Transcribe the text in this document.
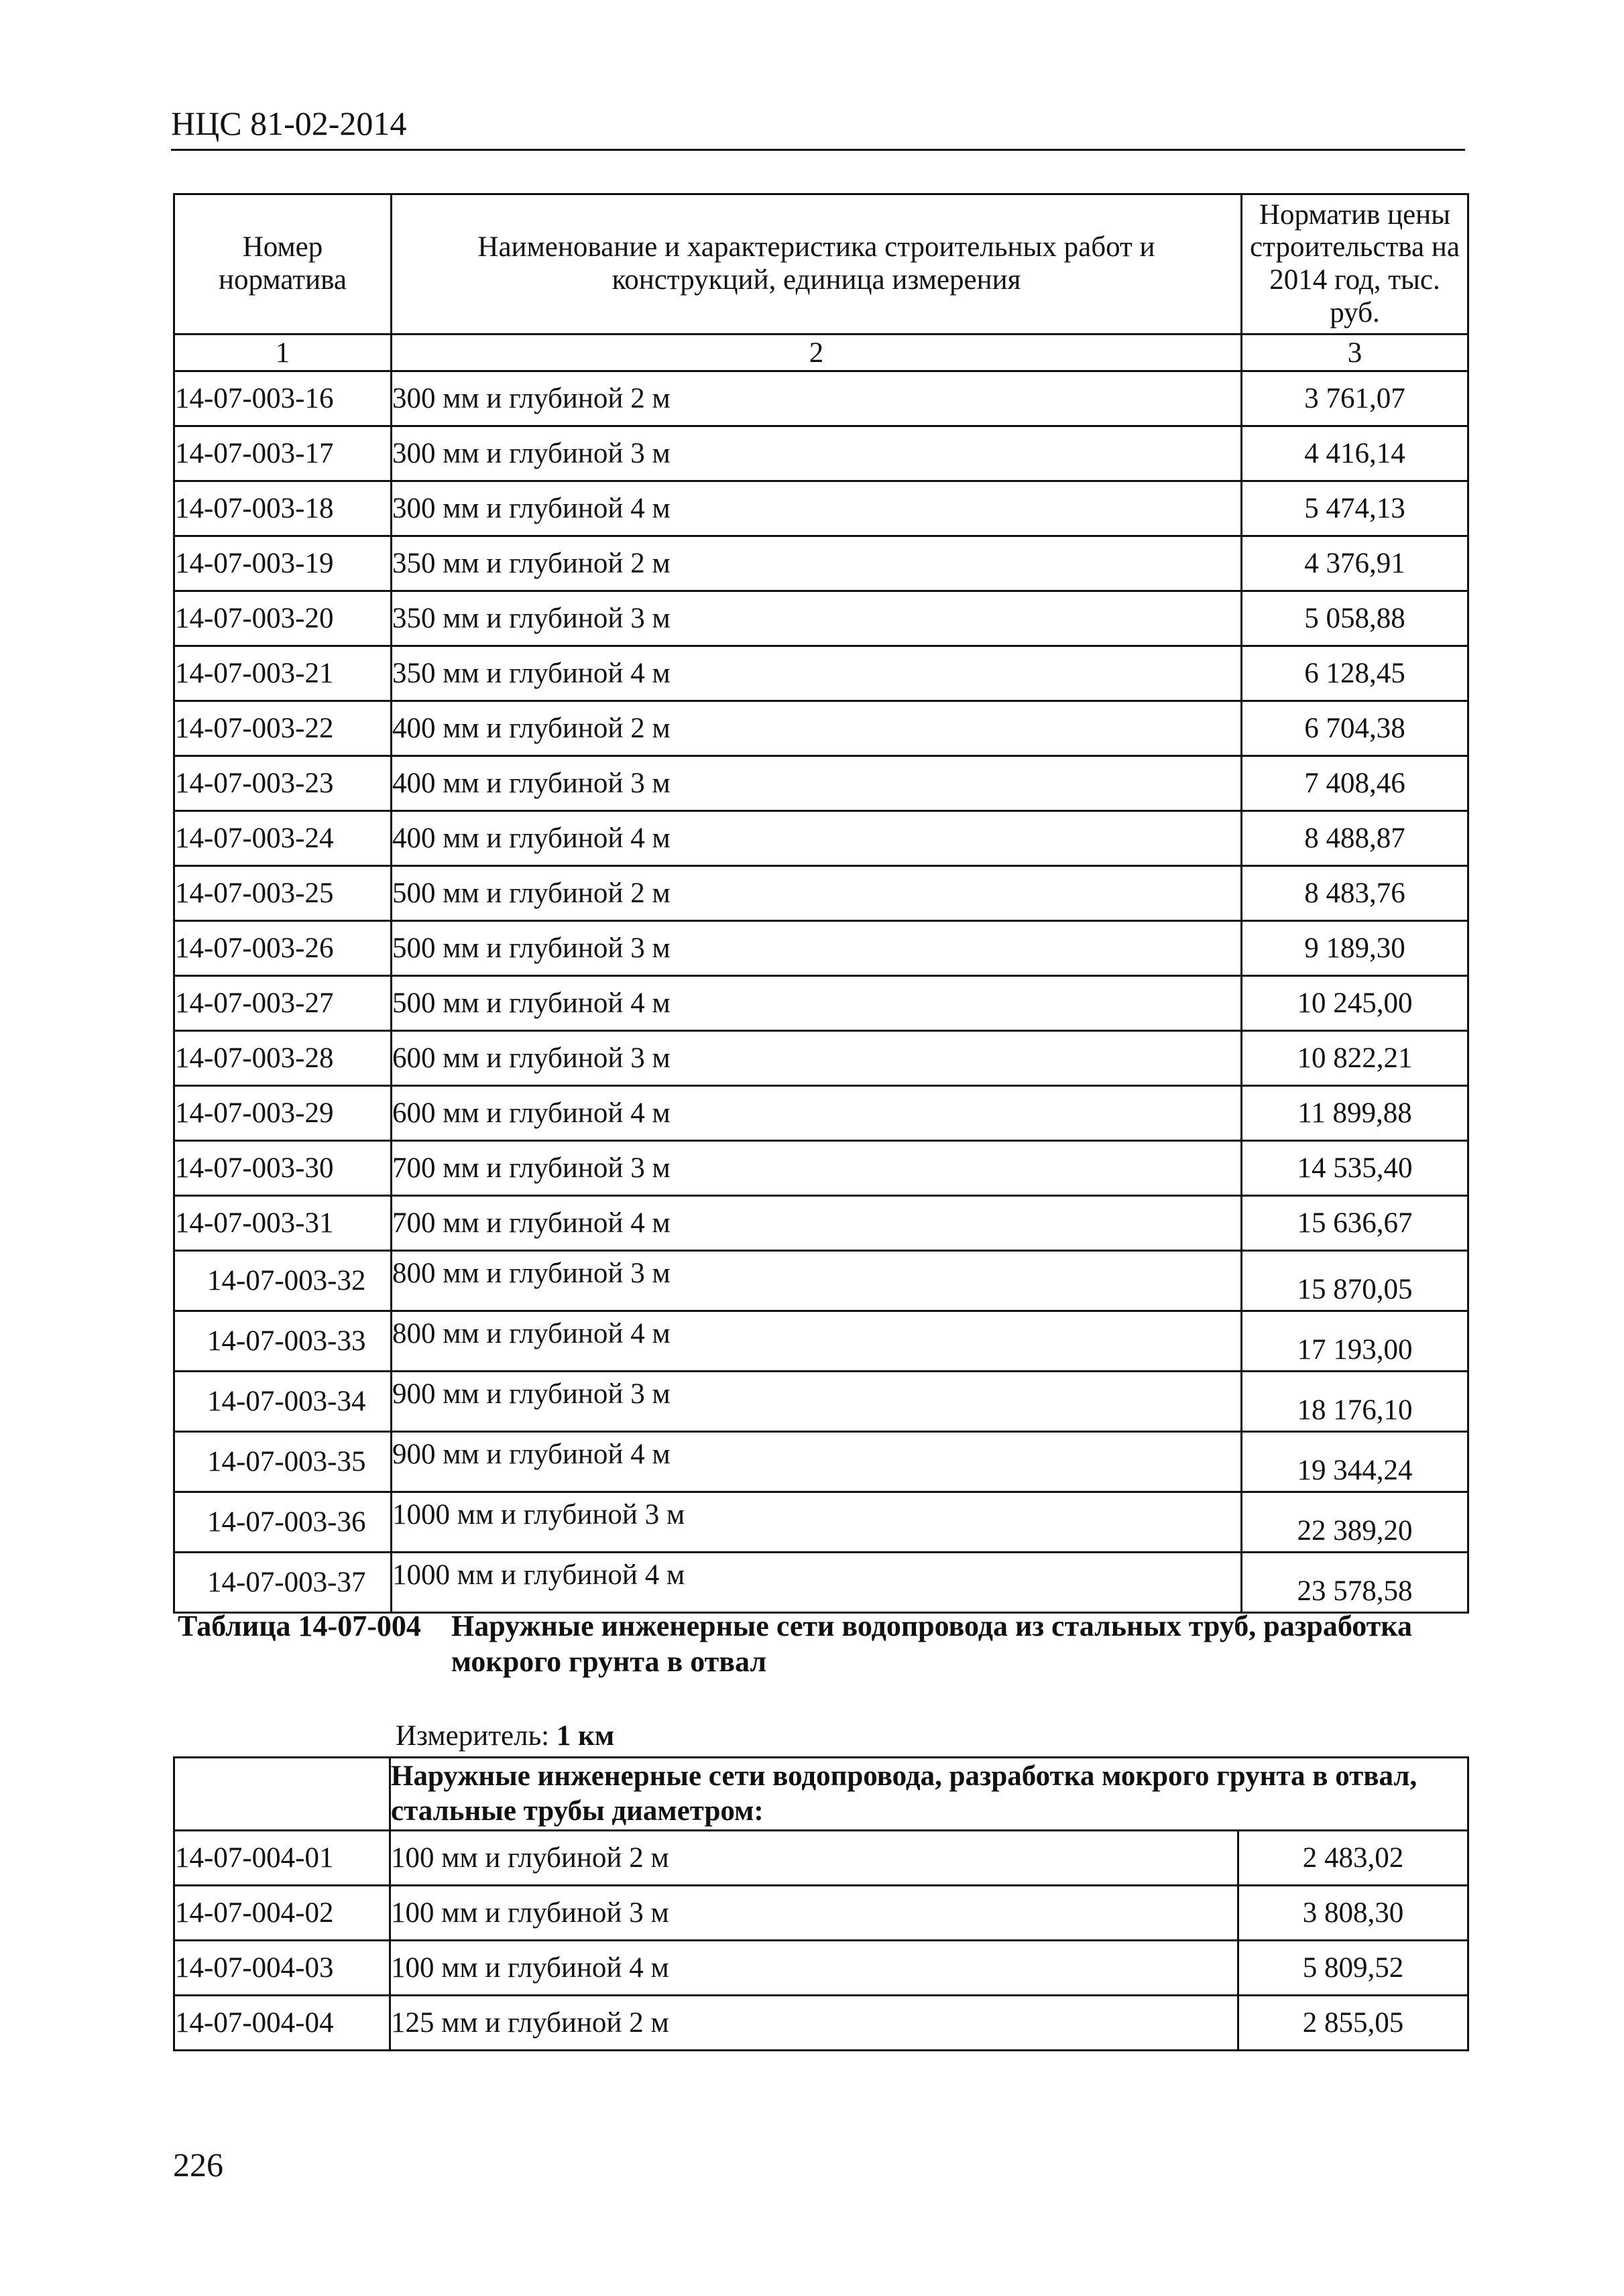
НЦС 81-02-2014
Номер норматива	Наименование и характеристика строительных работ и конструкций, единица измерения	Норматив цены строительства на 2014 год, тыс. руб.
1	2	3
14-07-003-16	300 мм и глубиной 2 м	3 761,07
14-07-003-17	300 мм и глубиной 3 м	4 416,14
14-07-003-18	300 мм и глубиной 4 м	5 474,13
14-07-003-19	350 мм и глубиной 2 м	4 376,91
14-07-003-20	350 мм и глубиной 3 м	5 058,88
14-07-003-21	350 мм и глубиной 4 м	6 128,45
14-07-003-22	400 мм и глубиной 2 м	6 704,38
14-07-003-23	400 мм и глубиной 3 м	7 408,46
14-07-003-24	400 мм и глубиной 4 м	8 488,87
14-07-003-25	500 мм и глубиной 2 м	8 483,76
14-07-003-26	500 мм и глубиной 3 м	9 189,30
14-07-003-27	500 мм и глубиной 4 м	10 245,00
14-07-003-28	600 мм и глубиной 3 м	10 822,21
14-07-003-29	600 мм и глубиной 4 м	11 899,88
14-07-003-30	700 мм и глубиной 3 м	14 535,40
14-07-003-31	700 мм и глубиной 4 м	15 636,67
14-07-003-32	800 мм и глубиной 3 м	15 870,05
14-07-003-33	800 мм и глубиной 4 м	17 193,00
14-07-003-34	900 мм и глубиной 3 м	18 176,10
14-07-003-35	900 мм и глубиной 4 м	19 344,24
14-07-003-36	1000 мм и глубиной 3 м	22 389,20
14-07-003-37	1000 мм и глубиной 4 м	23 578,58
Таблица 14-07-004 Наружные инженерные сети водопровода из стальных труб, разработка мокрого грунта в отвал
Измеритель: 1 км
	Наружные инженерные сети водопровода, разработка мокрого грунта в отвал, стальные трубы диаметром:	
14-07-004-01	100 мм и глубиной 2 м	2 483,02
14-07-004-02	100 мм и глубиной 3 м	3 808,30
14-07-004-03	100 мм и глубиной 4 м	5 809,52
14-07-004-04	125 мм и глубиной 2 м	2 855,05
226
